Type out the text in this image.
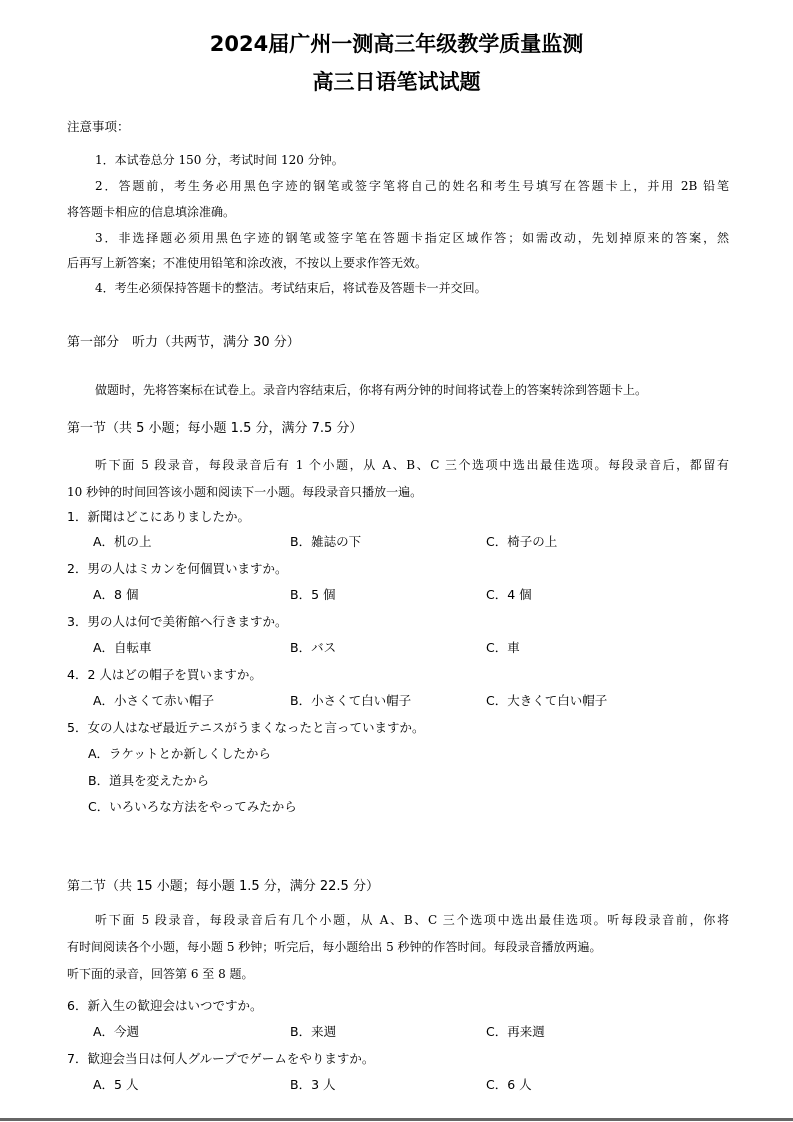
2024届广州一测高三年级教学质量监测
高三日语笔试试题
注意事项：
1．本试卷总分 150 分，考试时间 120 分钟。
2．答题前，考生务必用黑色字迹的钢笔或签字笔将自己的姓名和考生号填写在答题卡上，并用 2B 铅笔
将答题卡相应的信息填涂准确。
3．非选择题必须用黑色字迹的钢笔或签字笔在答题卡指定区域作答；如需改动，先划掉原来的答案，然
后再写上新答案；不准使用铅笔和涂改液，不按以上要求作答无效。
4．考生必须保持答题卡的整洁。考试结束后，将试卷及答题卡一并交回。
第一部分　听力（共两节，满分 30 分）
做题时，先将答案标在试卷上。录音内容结束后，你将有两分钟的时间将试卷上的答案转涂到答题卡上。
第一节（共 5 小题；每小题 1.5 分，满分 7.5 分）
听下面 5 段录音，每段录音后有 1 个小题，从 A、B、C 三个选项中选出最佳选项。每段录音后，都留有
10 秒钟的时间回答该小题和阅读下一小题。每段录音只播放一遍。
1．新聞はどこにありましたか。
A．机の上	B．雑誌の下	C．椅子の上
2．男の人はミカンを何個買いますか。
A．8 個	B．5 個	C．4 個
3．男の人は何で美術館へ行きますか。
A．自転車	B．バス	C．車
4．2 人はどの帽子を買いますか。
A．小さくて赤い帽子	B．小さくて白い帽子	C．大きくて白い帽子
5．女の人はなぜ最近テニスがうまくなったと言っていますか。
A．ラケットとか新しくしたから
B．道具を変えたから
C．いろいろな方法をやってみたから
第二节（共 15 小题；每小题 1.5 分，满分 22.5 分）
听下面 5 段录音，每段录音后有几个小题，从 A、B、C 三个选项中选出最佳选项。听每段录音前，你将
有时间阅读各个小题，每小题 5 秒钟；听完后，每小题给出 5 秒钟的作答时间。每段录音播放两遍。
听下面的录音，回答第 6 至 8 题。
6．新入生の歓迎会はいつですか。
A．今週	B．来週	C．再来週
7．歓迎会当日は何人グループでゲームをやりますか。
A．5 人	B．3 人	C．6 人
